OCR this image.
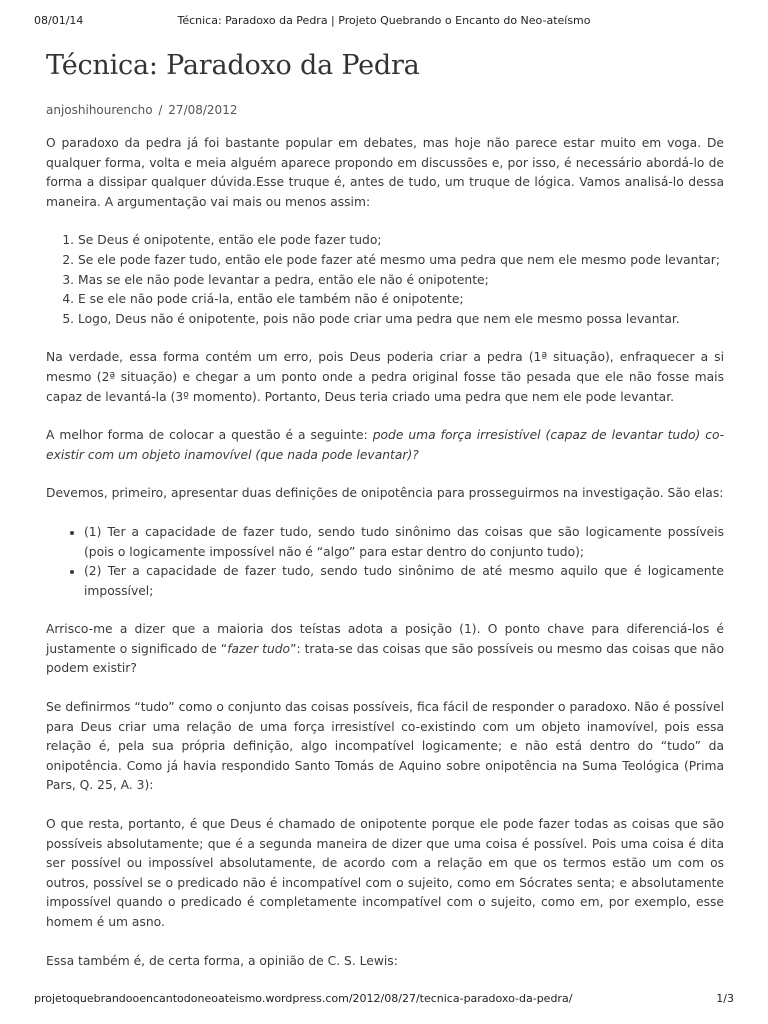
08/01/14	Técnica: Paradoxo da Pedra | Projeto Quebrando o Encanto do Neo-ateísmo
Técnica: Paradoxo da Pedra
anjoshihourencho / 27/08/2012

O paradoxo da pedra já foi bastante popular em debates, mas hoje não parece estar muito em voga. De qualquer forma, volta e meia alguém aparece propondo em discussões e, por isso, é necessário abordá-lo de forma a dissipar qualquer dúvida.Esse truque é, antes de tudo, um truque de lógica. Vamos analisá-lo dessa maneira. A argumentação vai mais ou menos assim:

1. Se Deus é onipotente, então ele pode fazer tudo;
2. Se ele pode fazer tudo, então ele pode fazer até mesmo uma pedra que nem ele mesmo pode levantar;
3. Mas se ele não pode levantar a pedra, então ele não é onipotente;
4. E se ele não pode criá-la, então ele também não é onipotente;
5. Logo, Deus não é onipotente, pois não pode criar uma pedra que nem ele mesmo possa levantar.

Na verdade, essa forma contém um erro, pois Deus poderia criar a pedra (1ª situação), enfraquecer a si mesmo (2ª situação) e chegar a um ponto onde a pedra original fosse tão pesada que ele não fosse mais capaz de levantá-la (3º momento). Portanto, Deus teria criado uma pedra que nem ele pode levantar.

A melhor forma de colocar a questão é a seguinte: pode uma força irresistível (capaz de levantar tudo) co-existir com um objeto inamovível (que nada pode levantar)?

Devemos, primeiro, apresentar duas definições de onipotência para prosseguirmos na investigação. São elas:

• (1) Ter a capacidade de fazer tudo, sendo tudo sinônimo das coisas que são logicamente possíveis (pois o logicamente impossível não é “algo” para estar dentro do conjunto tudo);
• (2) Ter a capacidade de fazer tudo, sendo tudo sinônimo de até mesmo aquilo que é logicamente impossível;

Arrisco-me a dizer que a maioria dos teístas adota a posição (1). O ponto chave para diferenciá-los é justamente o significado de “fazer tudo”: trata-se das coisas que são possíveis ou mesmo das coisas que não podem existir?

Se definirmos “tudo” como o conjunto das coisas possíveis, fica fácil de responder o paradoxo. Não é possível para Deus criar uma relação de uma força irresistível co-existindo com um objeto inamovível, pois essa relação é, pela sua própria definição, algo incompatível logicamente; e não está dentro do “tudo” da onipotência. Como já havia respondido Santo Tomás de Aquino sobre onipotência na Suma Teológica (Prima Pars, Q. 25, A. 3):

O que resta, portanto, é que Deus é chamado de onipotente porque ele pode fazer todas as coisas que são possíveis absolutamente; que é a segunda maneira de dizer que uma coisa é possível. Pois uma coisa é dita ser possível ou impossível absolutamente, de acordo com a relação em que os termos estão um com os outros, possível se o predicado não é incompatível com o sujeito, como em Sócrates senta; e absolutamente impossível quando o predicado é completamente incompatível com o sujeito, como em, por exemplo, esse homem é um asno.

Essa também é, de certa forma, a opinião de C. S. Lewis:

projetoquebrandooencantodoneoateismo.wordpress.com/2012/08/27/tecnica-paradoxo-da-pedra/	1/3
